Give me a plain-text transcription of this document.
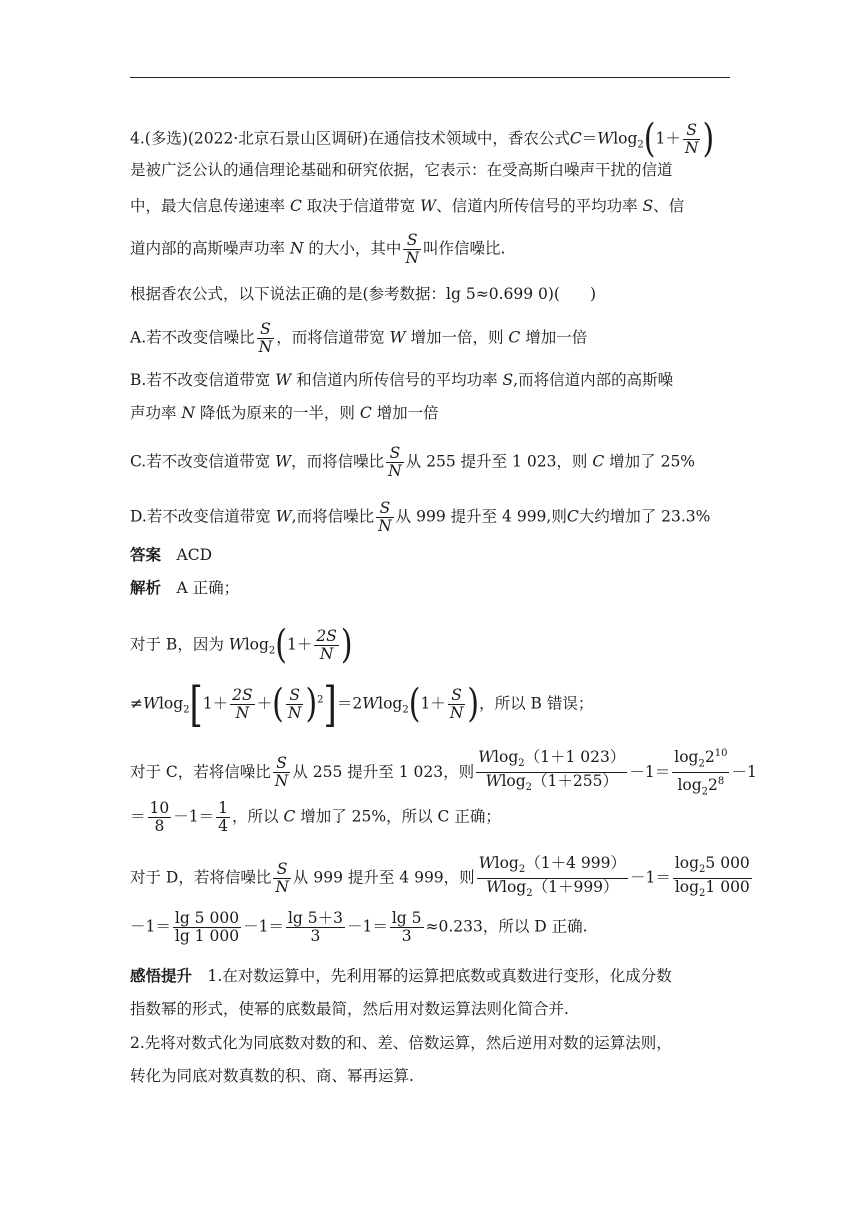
4.(多选)(2022·北京石景山区调研)在通信技术领域中，香农公式$C=Wlog_2(1+ \frac{S}{N}$ )
是被广泛公认的通信理论基础和研究依据，它表示：在受高斯白噪声干扰的信道
中，最大信息传递速率 C 取决于信道带宽 W、信道内所传信号的平均功率 S、信
道内部的高斯噪声功率 N 的大小，其中 $\frac{S}{N}$ 叫作信噪比.
根据香农公式，以下说法正确的是(参考数据：lg 5≈0.699 0)( )
A.若不改变信噪比 $\frac{S}{N}$ ，而将信道带宽 W 增加一倍，则 C 增加一倍
B.若不改变信道带宽 W 和信道内所传信号的平均功率 S,而将信道内部的高斯噪
声功率 N 降低为原来的一半，则 C 增加一倍
C.若不改变信道带宽 W，而将信噪比 $\frac{S}{N}$ 从 255 提升至 1 023，则 C 增加了 25%
D.若不改变信道带宽 W,而将信噪比 $\frac{S}{N}$ 从 999 提升至 4 999,则C大约增加了 23.3%
答案　 ACD
解析　 A 正确；
对于 B，因为 $Wlog_2(1+ \frac{2S}{N}$ )
$\ne Wlog_2[1+ \frac{2S}{N}$ ＋( $\frac{S}{N} )^2]=2Wlog_2(1+ \frac{S}{N}$ )，所以 B 错误；
对于 C，若将信噪比 $\frac{S}{N}$ 从 255 提升至 1 023，则 $\frac{Wlog_2(1+1 023)}{Wlog_2(1+255)} -1= \frac{\log_22^{10}}{\log_22^8} -1$
＝ $\frac{10}{8} -1= \frac{1}{4}$ ，所以 C 增加了 25%，所以 C 正确；
对于 D，若将信噪比 $\frac{S}{N}$ 从 999 提升至 4 999，则 $\frac{Wlog_2(1+4 999)}{Wlog_2(1+999)} -1= \frac{\log_25 000}{\log_21 000}$
$-1= \frac{\lg 5 000}{\lg 1 000} -1= \frac{\lg 5+3}{3} -1= \frac{\lg 5}{3} \approx 0.233$，所以 D 正确.
感悟提升　1.在对数运算中，先利用幂的运算把底数或真数进行变形，化成分数
指数幂的形式，使幂的底数最简，然后用对数运算法则化简合并.
2.先将对数式化为同底数对数的和、差、倍数运算，然后逆用对数的运算法则，
转化为同底对数真数的积、商、幂再运算.
